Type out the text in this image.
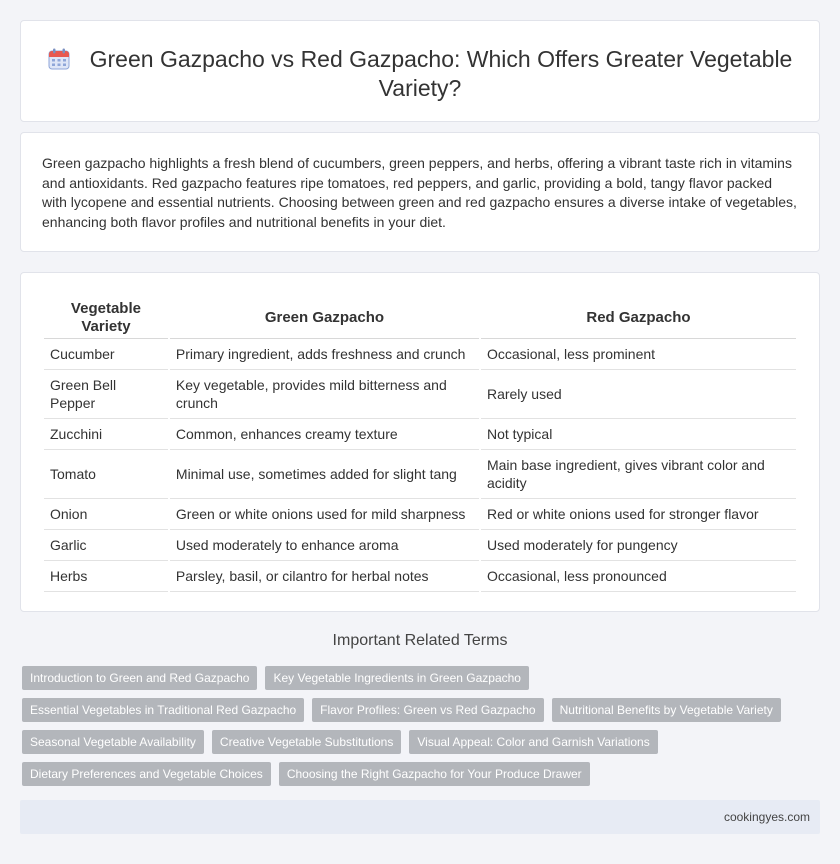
Green Gazpacho vs Red Gazpacho: Which Offers Greater Vegetable Variety?

Green gazpacho highlights a fresh blend of cucumbers, green peppers, and herbs, offering a vibrant taste rich in vitamins and antioxidants. Red gazpacho features ripe tomatoes, red peppers, and garlic, providing a bold, tangy flavor packed with lycopene and essential nutrients. Choosing between green and red gazpacho ensures a diverse intake of vegetables, enhancing both flavor profiles and nutritional benefits in your diet.

Vegetable Variety	Green Gazpacho	Red Gazpacho
Cucumber	Primary ingredient, adds freshness and crunch	Occasional, less prominent
Green Bell Pepper	Key vegetable, provides mild bitterness and crunch	Rarely used
Zucchini	Common, enhances creamy texture	Not typical
Tomato	Minimal use, sometimes added for slight tang	Main base ingredient, gives vibrant color and acidity
Onion	Green or white onions used for mild sharpness	Red or white onions used for stronger flavor
Garlic	Used moderately to enhance aroma	Used moderately for pungency
Herbs	Parsley, basil, or cilantro for herbal notes	Occasional, less pronounced
Important Related Terms
Introduction to Green and Red Gazpacho	Key Vegetable Ingredients in Green Gazpacho
Essential Vegetables in Traditional Red Gazpacho	Flavor Profiles: Green vs Red Gazpacho	Nutritional Benefits by Vegetable Variety
Seasonal Vegetable Availability	Creative Vegetable Substitutions	Visual Appeal: Color and Garnish Variations
Dietary Preferences and Vegetable Choices	Choosing the Right Gazpacho for Your Produce Drawer
cookingyes.com
